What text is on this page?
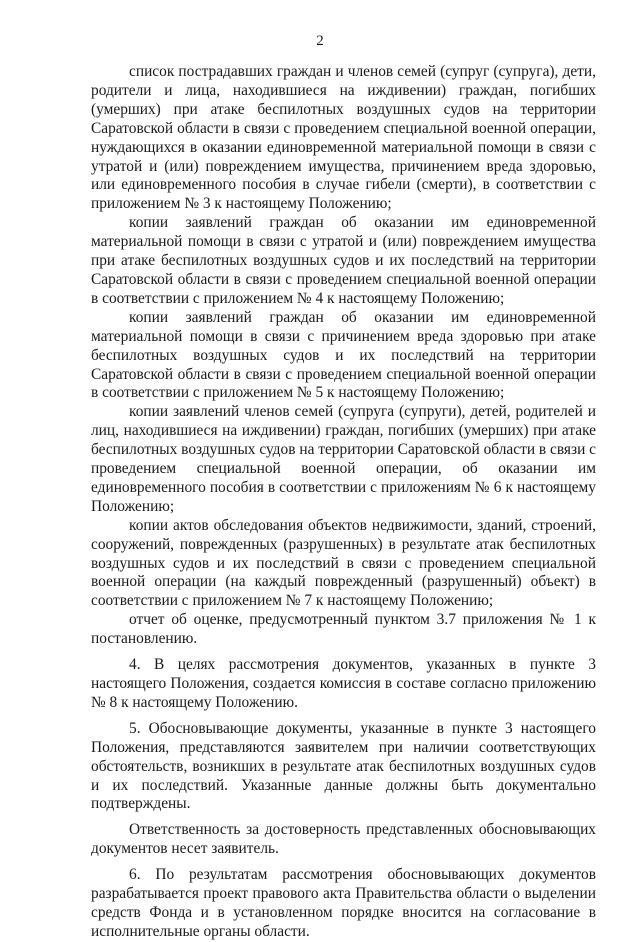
2

список пострадавших граждан и членов семей (супруг (супруга), дети, родители и лица, находившиеся на иждивении) граждан, погибших (умерших) при атаке беспилотных воздушных судов на территории Саратовской области в связи с проведением специальной военной операции, нуждающихся в оказании единовременной материальной помощи в связи с утратой и (или) повреждением имущества, причинением вреда здоровью, или единовременного пособия в случае гибели (смерти), в соответствии с приложением № 3 к настоящему Положению;

копии заявлений граждан об оказании им единовременной материальной помощи в связи с утратой и (или) повреждением имущества при атаке беспилотных воздушных судов и их последствий на территории Саратовской области в связи с проведением специальной военной операции в соответствии с приложением № 4 к настоящему Положению;

копии заявлений граждан об оказании им единовременной материальной помощи в связи с причинением вреда здоровью при атаке беспилотных воздушных судов и их последствий на территории Саратовской области в связи с проведением специальной военной операции в соответствии с приложением № 5 к настоящему Положению;

копии заявлений членов семей (супруга (супруги), детей, родителей и лиц, находившиеся на иждивении) граждан, погибших (умерших) при атаке беспилотных воздушных судов на территории Саратовской области в связи с проведением специальной военной операции, об оказании им единовременного пособия в соответствии с приложениям № 6 к настоящему Положению;

копии актов обследования объектов недвижимости, зданий, строений, сооружений, поврежденных (разрушенных) в результате атак беспилотных воздушных судов и их последствий в связи с проведением специальной военной операции (на каждый поврежденный (разрушенный) объект) в соответствии с приложением № 7 к настоящему Положению;

отчет об оценке, предусмотренный пунктом 3.7 приложения № 1 к постановлению.

4. В целях рассмотрения документов, указанных в пункте 3 настоящего Положения, создается комиссия в составе согласно приложению № 8 к настоящему Положению.

5. Обосновывающие документы, указанные в пункте 3 настоящего Положения, представляются заявителем при наличии соответствующих обстоятельств, возникших в результате атак беспилотных воздушных судов и их последствий. Указанные данные должны быть документально подтверждены.

Ответственность за достоверность представленных обосновывающих документов несет заявитель.

6. По результатам рассмотрения обосновывающих документов разрабатывается проект правового акта Правительства области о выделении средств Фонда и в установленном порядке вносится на согласование в исполнительные органы области.
